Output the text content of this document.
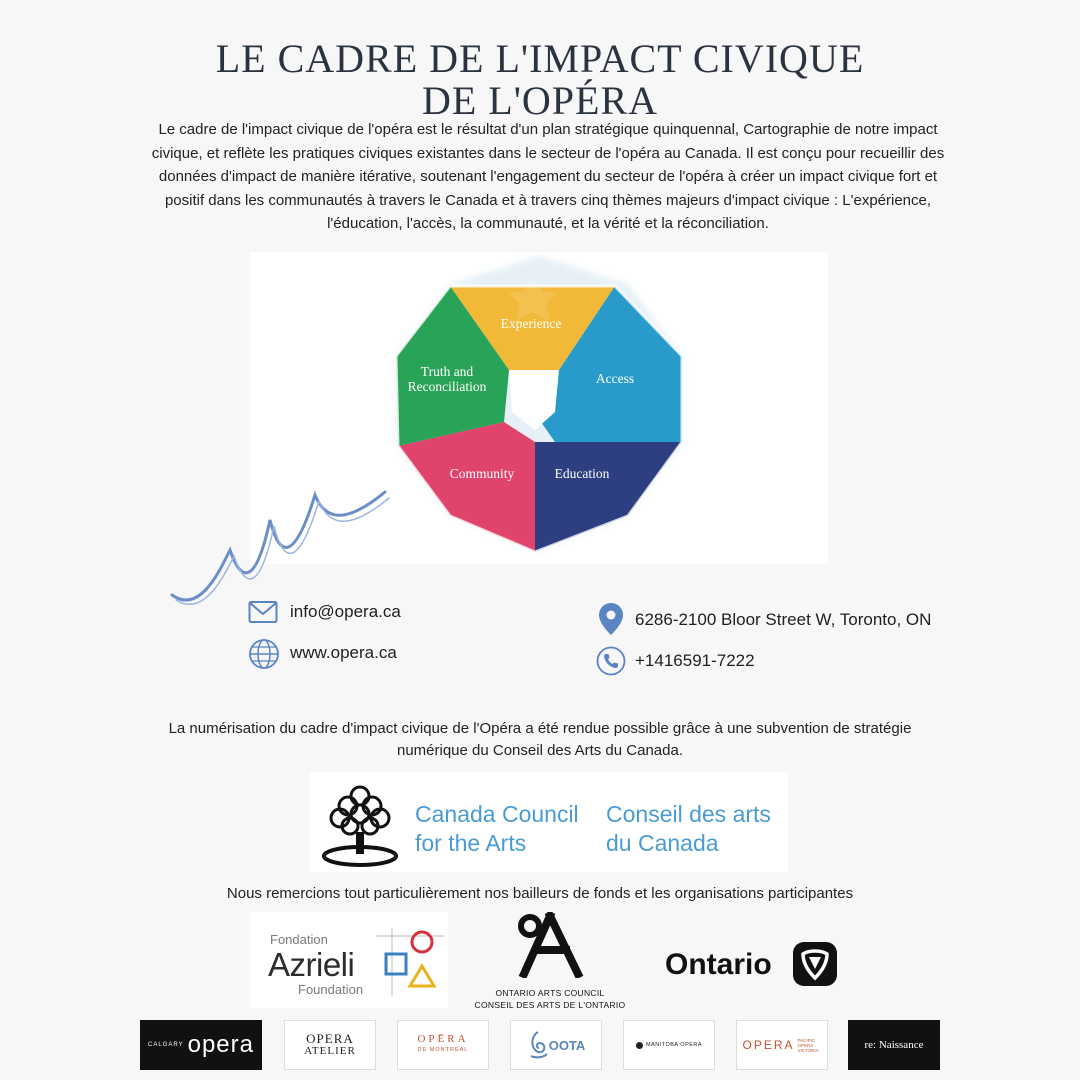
LE CADRE DE L'IMPACT CIVIQUE
DE L'OPÉRA

Le cadre de l'impact civique de l'opéra est le résultat d'un plan stratégique quinquennal, Cartographie de notre impact civique, et reflète les pratiques civiques existantes dans le secteur de l'opéra au Canada. Il est conçu pour recueillir des données d'impact de manière itérative, soutenant l'engagement du secteur de l'opéra à créer un impact civique fort et positif dans les communautés à travers le Canada et à travers cinq thèmes majeurs d'impact civique : L'expérience, l'éducation, l'accès, la communauté, et la vérité et la réconciliation.

Experience
Access
Education
Community
Truth and
Reconciliation
info@opera.ca
www.opera.ca
6286-2100 Bloor Street W, Toronto, ON
+1416591-7222

La numérisation du cadre d'impact civique de l'Opéra a été rendue possible grâce à une subvention de stratégie numérique du Conseil des Arts du Canada.

Canada Council
for the Arts
Conseil des arts
du Canada
Nous remercions tout particulièrement nos bailleurs de fonds et les organisations participantes
Fondation
Azrieli
Foundation	ONTARIO ARTS COUNCIL
CONSEIL DES ARTS DE L'ONTARIO
Ontario
CALGARY opera	OPERA
ATELIER
OPĒRA
DE MONTRÉAL	OOTA	MANITOBA OPERA	OPERA PACIFIC OPERA VICTORIA	re: Naissance
